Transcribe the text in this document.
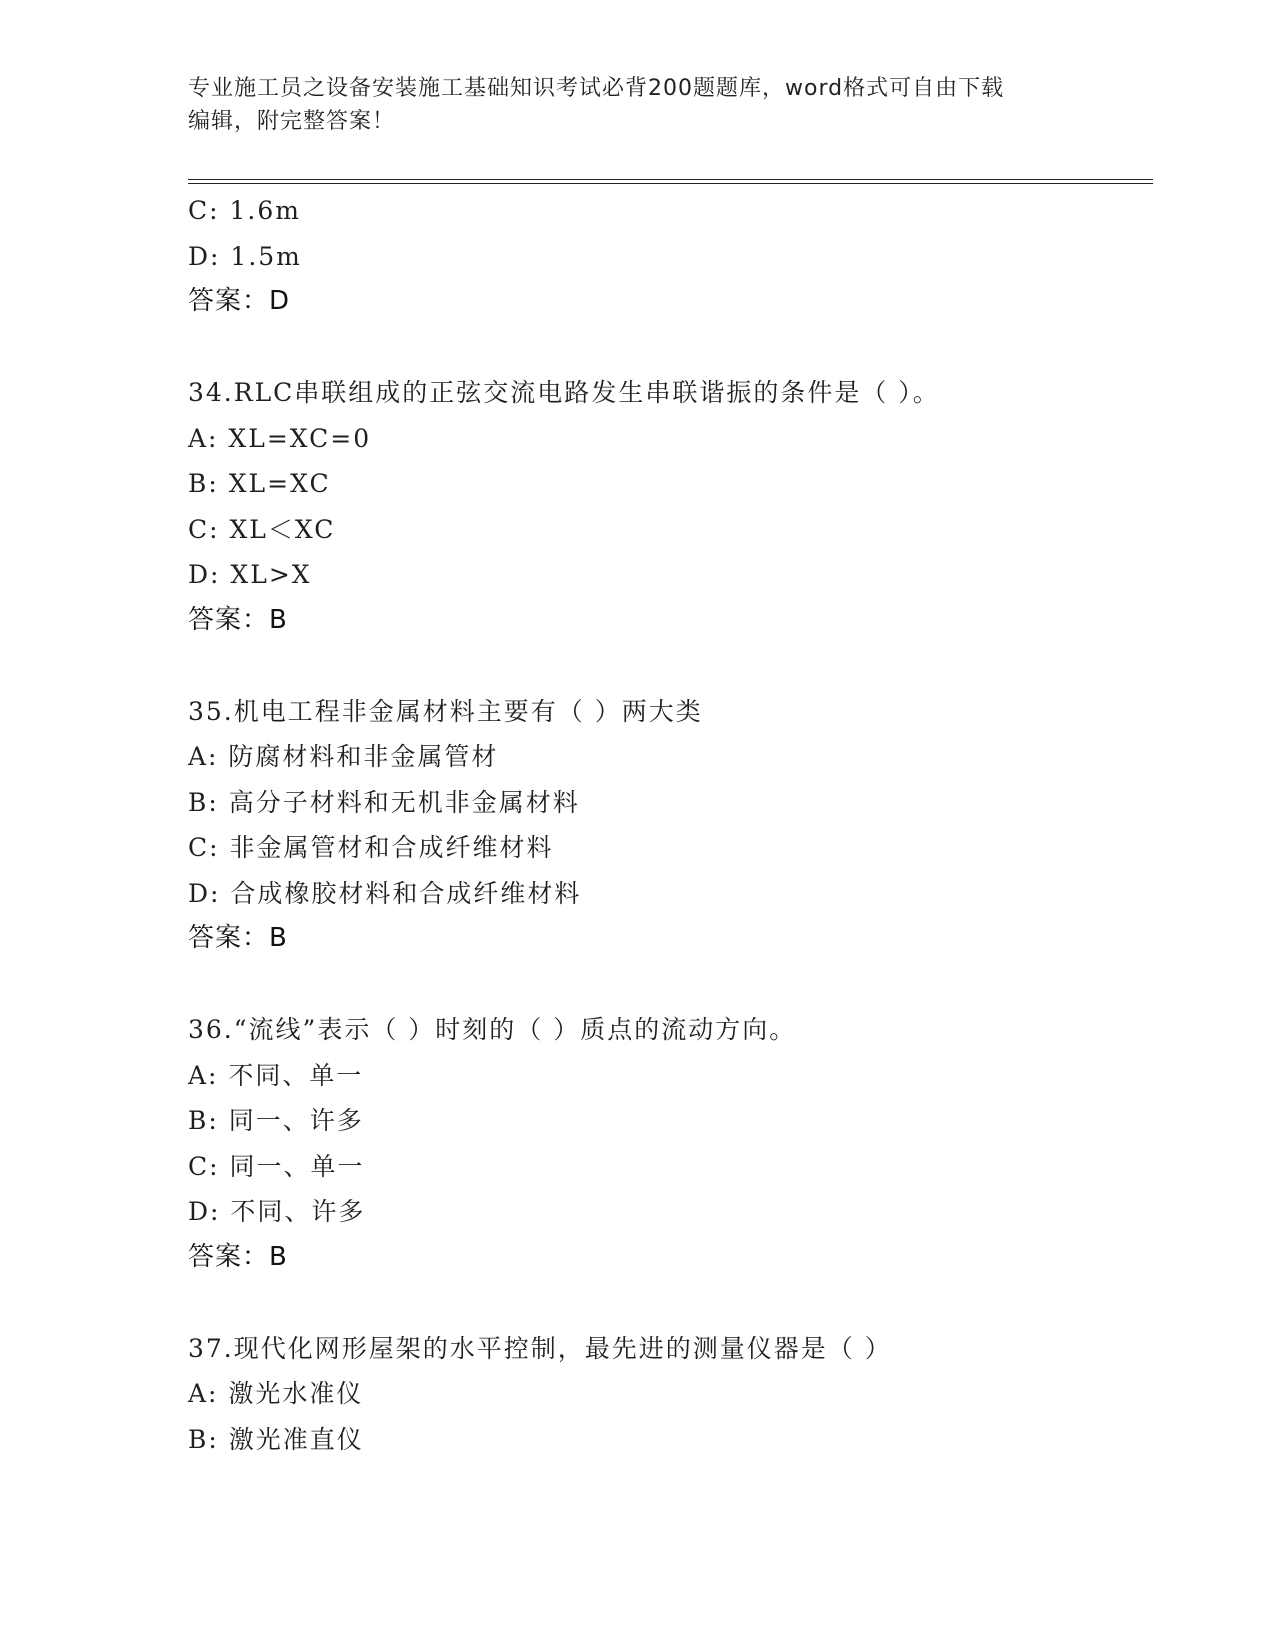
专业施工员之设备安装施工基础知识考试必背200题题库，word格式可自由下载
编辑，附完整答案！
C: 1.6m
D: 1.5m
答案：D
34.RLC串联组成的正弦交流电路发生串联谐振的条件是（ ）。
A: XL=XC=0
B: XL=XC
C: XL＜XC
D: XL>X
答案：B
35.机电工程非金属材料主要有（ ）两大类
A: 防腐材料和非金属管材
B: 高分子材料和无机非金属材料
C: 非金属管材和合成纤维材料
D: 合成橡胶材料和合成纤维材料
答案：B
36.“流线”表示（ ）时刻的（ ）质点的流动方向。
A: 不同、单一
B: 同一、许多
C: 同一、单一
D: 不同、许多
答案：B
37.现代化网形屋架的水平控制，最先进的测量仪器是（ ）
A: 激光水准仪
B: 激光准直仪
